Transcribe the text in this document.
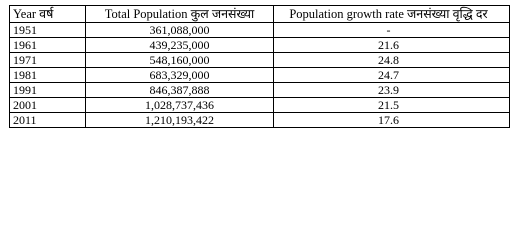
Year वर्ष	Total Population कुल जनसंख्या	Population growth rate जनसंख्या वृद्धि दर
1951	361,088,000	-
1961	439,235,000	21.6
1971	548,160,000	24.8
1981	683,329,000	24.7
1991	846,387,888	23.9
2001	1,028,737,436	21.5
2011	1,210,193,422	17.6
